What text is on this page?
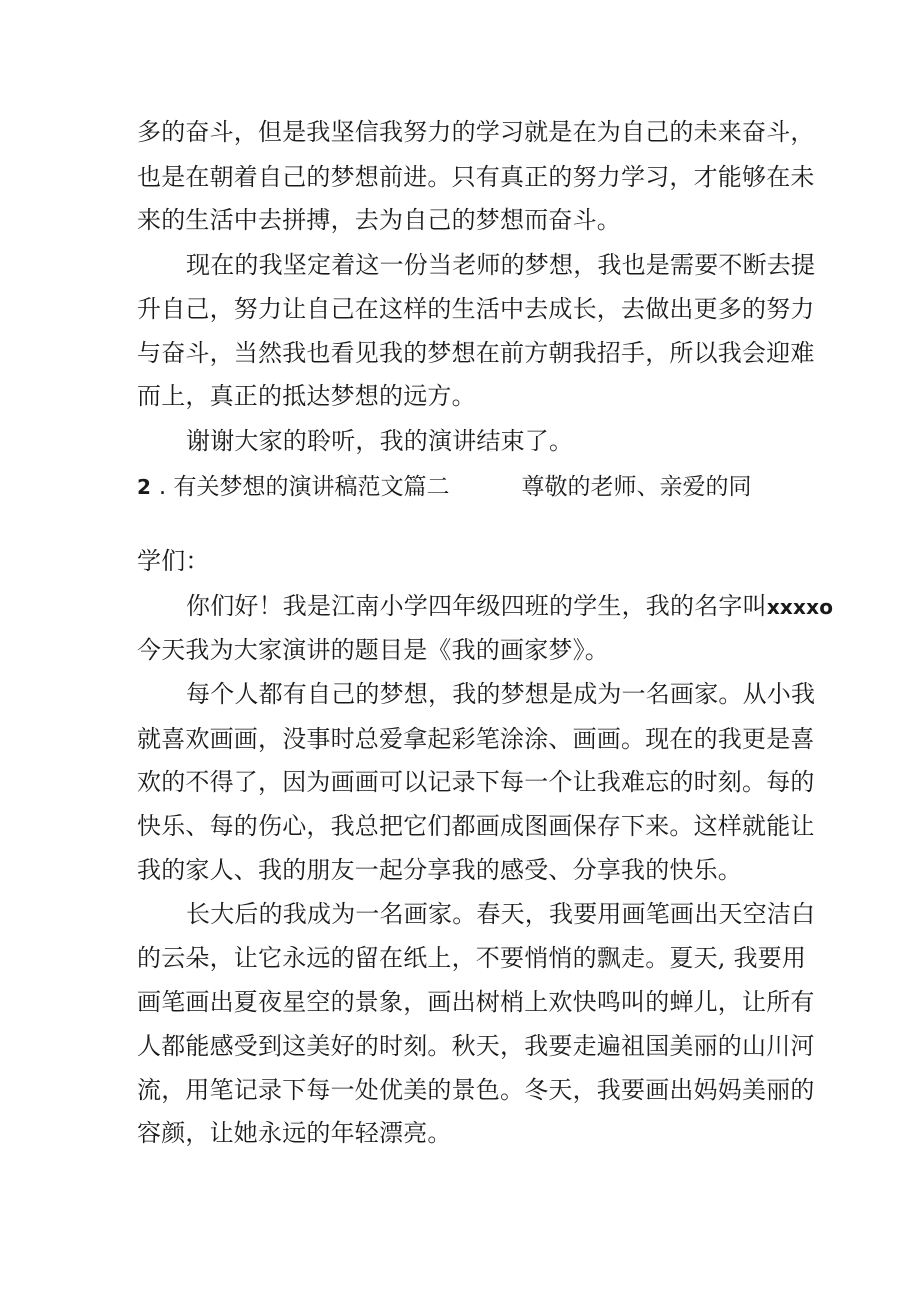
多的奋斗，但是我坚信我努力的学习就是在为自己的未来奋斗，
也是在朝着自己的梦想前进。只有真正的努力学习，才能够在未
来的生活中去拼搏，去为自己的梦想而奋斗。
现在的我坚定着这一份当老师的梦想，我也是需要不断去提
升自己，努力让自己在这样的生活中去成长，去做出更多的努力
与奋斗，当然我也看见我的梦想在前方朝我招手，所以我会迎难
而上，真正的抵达梦想的远方。
谢谢大家的聆听，我的演讲结束了。
2 . 有关梦想的演讲稿范文篇二	尊敬的老师、亲爱的同
学们：
你们好！我是江南小学四年级四班的学生，我的名字叫xxxxo
今天我为大家演讲的题目是《我的画家梦》。
每个人都有自己的梦想，我的梦想是成为一名画家。从小我
就喜欢画画，没事时总爱拿起彩笔涂涂、画画。现在的我更是喜
欢的不得了，因为画画可以记录下每一个让我难忘的时刻。每的
快乐、每的伤心，我总把它们都画成图画保存下来。这样就能让
我的家人、我的朋友一起分享我的感受、分享我的快乐。
长大后的我成为一名画家。春天，我要用画笔画出天空洁白
的云朵，让它永远的留在纸上，不要悄悄的飘走。夏天, 我要用
画笔画出夏夜星空的景象，画出树梢上欢快鸣叫的蝉儿，让所有
人都能感受到这美好的时刻。秋天，我要走遍祖国美丽的山川河
流，用笔记录下每一处优美的景色。冬天，我要画出妈妈美丽的
容颜，让她永远的年轻漂亮。
